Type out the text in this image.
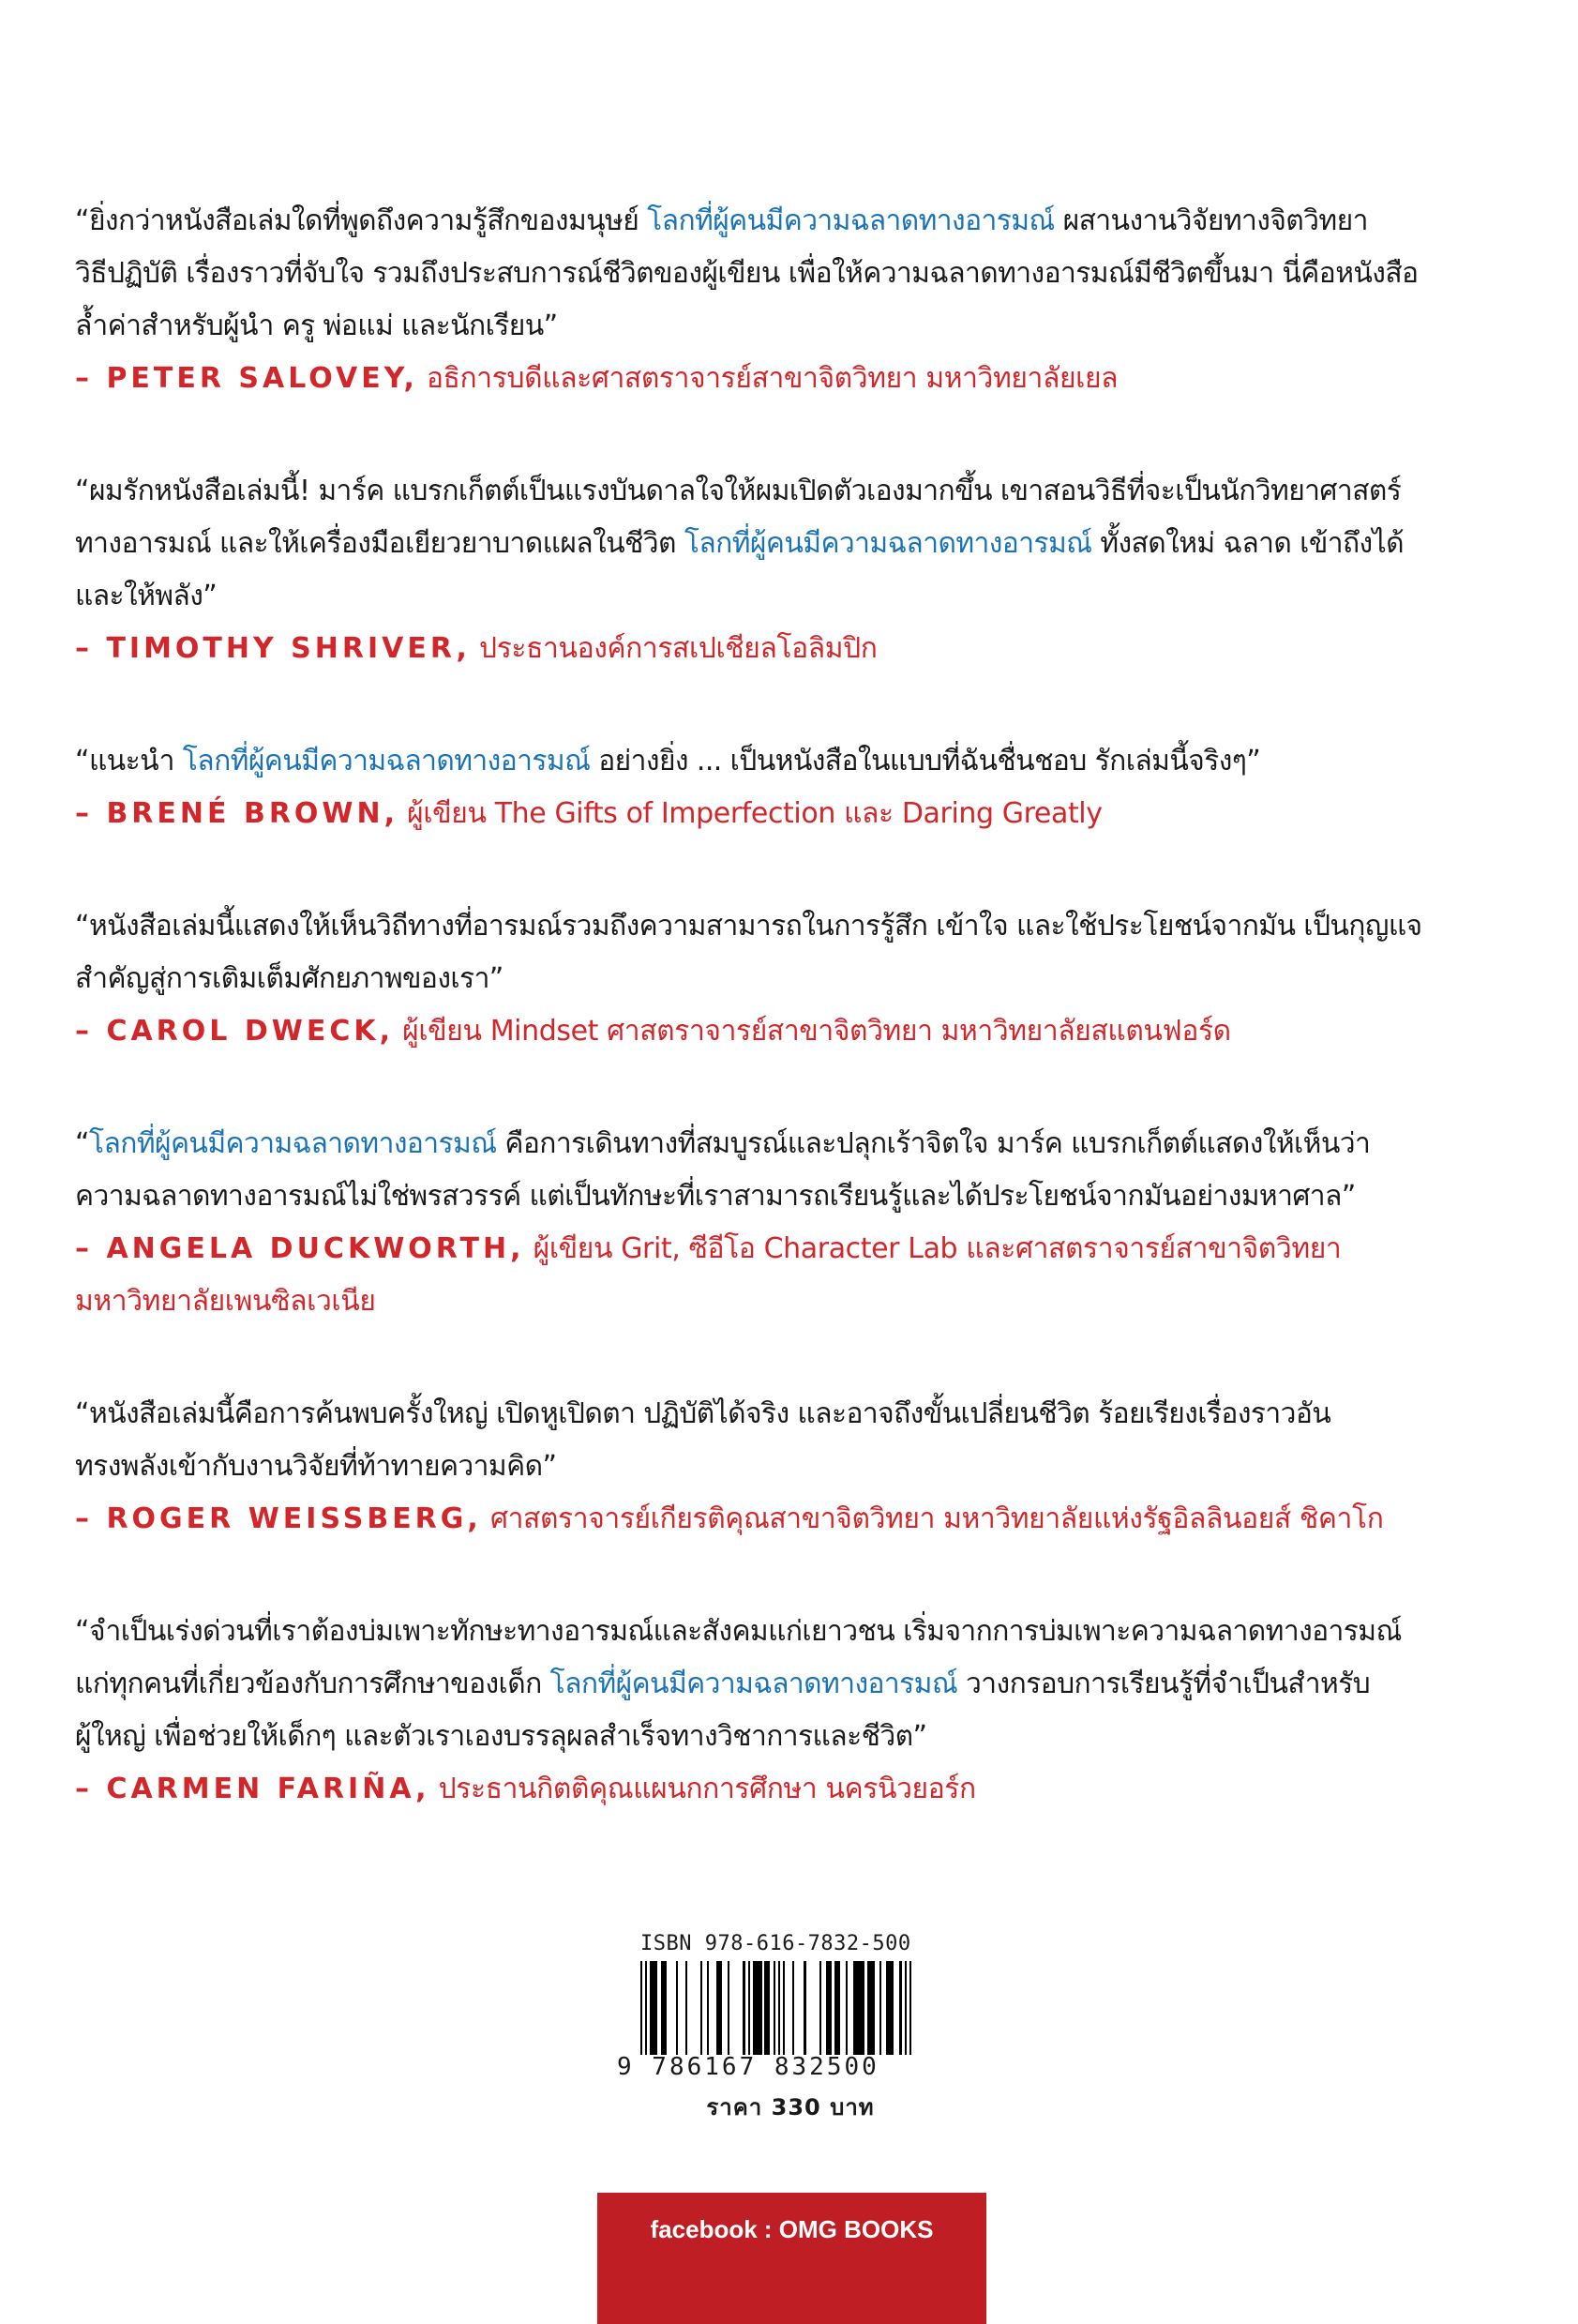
“ยิ่งกว่าหนังสือเล่มใดที่พูดถึงความรู้สึกของมนุษย์ โลกที่ผู้คนมีความฉลาดทางอารมณ์ ผสานงานวิจัยทางจิตวิทยา

วิธีปฏิบัติ เรื่องราวที่จับใจ รวมถึงประสบการณ์ชีวิตของผู้เขียน เพื่อให้ความฉลาดทางอารมณ์มีชีวิตขึ้นมา นี่คือหนังสือ

ล้ำค่าสำหรับผู้นำ ครู พ่อแม่ และนักเรียน”

– PETER SALOVEY, อธิการบดีและศาสตราจารย์สาขาจิตวิทยา มหาวิทยาลัยเยล

“ผมรักหนังสือเล่มนี้! มาร์ค แบรกเก็ตต์เป็นแรงบันดาลใจให้ผมเปิดตัวเองมากขึ้น เขาสอนวิธีที่จะเป็นนักวิทยาศาสตร์

ทางอารมณ์ และให้เครื่องมือเยียวยาบาดแผลในชีวิต โลกที่ผู้คนมีความฉลาดทางอารมณ์ ทั้งสดใหม่ ฉลาด เข้าถึงได้

และให้พลัง”

– TIMOTHY SHRIVER, ประธานองค์การสเปเชียลโอลิมปิก

“แนะนำ โลกที่ผู้คนมีความฉลาดทางอารมณ์ อย่างยิ่ง ... เป็นหนังสือในแบบที่ฉันชื่นชอบ รักเล่มนี้จริงๆ”

– BRENÉ BROWN, ผู้เขียน The Gifts of Imperfection และ Daring Greatly

“หนังสือเล่มนี้แสดงให้เห็นวิถีทางที่อารมณ์รวมถึงความสามารถในการรู้สึก เข้าใจ และใช้ประโยชน์จากมัน เป็นกุญแจ

สำคัญสู่การเติมเต็มศักยภาพของเรา”

– CAROL DWECK, ผู้เขียน Mindset ศาสตราจารย์สาขาจิตวิทยา มหาวิทยาลัยสแตนฟอร์ด

“โลกที่ผู้คนมีความฉลาดทางอารมณ์ คือการเดินทางที่สมบูรณ์และปลุกเร้าจิตใจ มาร์ค แบรกเก็ตต์แสดงให้เห็นว่า

ความฉลาดทางอารมณ์ไม่ใช่พรสวรรค์ แต่เป็นทักษะที่เราสามารถเรียนรู้และได้ประโยชน์จากมันอย่างมหาศาล”

– ANGELA DUCKWORTH, ผู้เขียน Grit, ซีอีโอ Character Lab และศาสตราจารย์สาขาจิตวิทยา

มหาวิทยาลัยเพนซิลเวเนีย

“หนังสือเล่มนี้คือการค้นพบครั้งใหญ่ เปิดหูเปิดตา ปฏิบัติได้จริง และอาจถึงขั้นเปลี่ยนชีวิต ร้อยเรียงเรื่องราวอัน

ทรงพลังเข้ากับงานวิจัยที่ท้าทายความคิด”

– ROGER WEISSBERG, ศาสตราจารย์เกียรติคุณสาขาจิตวิทยา มหาวิทยาลัยแห่งรัฐอิลลินอยส์ ชิคาโก

“จำเป็นเร่งด่วนที่เราต้องบ่มเพาะทักษะทางอารมณ์และสังคมแก่เยาวชน เริ่มจากการบ่มเพาะความฉลาดทางอารมณ์

แก่ทุกคนที่เกี่ยวข้องกับการศึกษาของเด็ก โลกที่ผู้คนมีความฉลาดทางอารมณ์ วางกรอบการเรียนรู้ที่จำเป็นสำหรับ

ผู้ใหญ่ เพื่อช่วยให้เด็กๆ และตัวเราเองบรรลุผลสำเร็จทางวิชาการและชีวิต”

– CARMEN FARIÑA, ประธานกิตติคุณแผนกการศึกษา นครนิวยอร์ก

ISBN 978-616-7832-500
9 786167 832500
ราคา 330 บาท
facebook : OMG BOOKS
